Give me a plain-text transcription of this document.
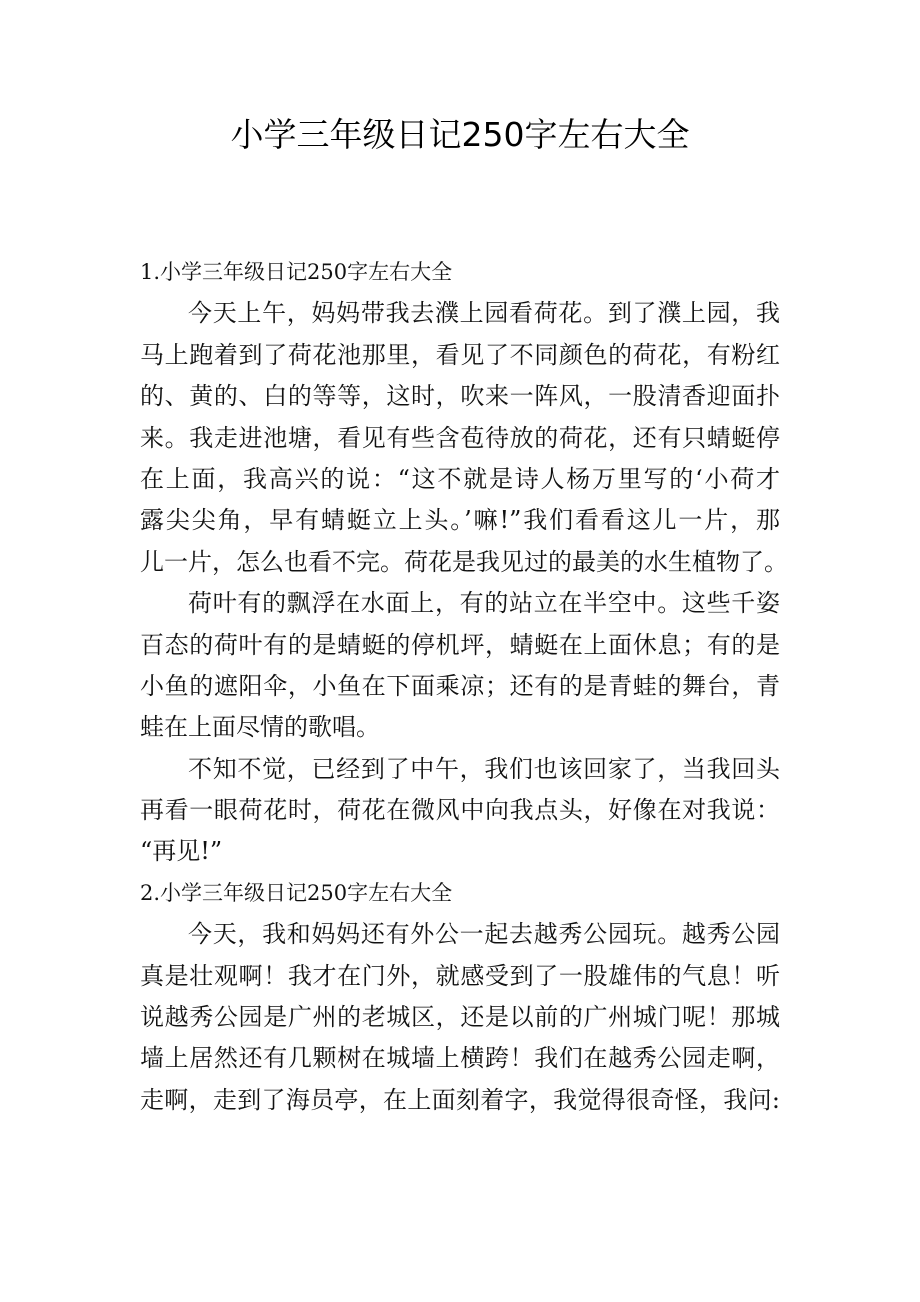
小学三年级日记250字左右大全
1.小学三年级日记250字左右大全
今天上午，妈妈带我去濮上园看荷花。到了濮上园，我
马上跑着到了荷花池那里，看见了不同颜色的荷花，有粉红
的、黄的、白的等等，这时，吹来一阵风，一股清香迎面扑
来。我走进池塘，看见有些含苞待放的荷花，还有只蜻蜓停
在上面，我高兴的说：“这不就是诗人杨万里写的‘小荷才
露尖尖角，早有蜻蜓立上头。’嘛!”我们看看这儿一片，那
儿一片，怎么也看不完。荷花是我见过的最美的水生植物了。
荷叶有的飘浮在水面上，有的站立在半空中。这些千姿
百态的荷叶有的是蜻蜓的停机坪，蜻蜓在上面休息；有的是
小鱼的遮阳伞，小鱼在下面乘凉；还有的是青蛙的舞台，青
蛙在上面尽情的歌唱。
不知不觉，已经到了中午，我们也该回家了，当我回头
再看一眼荷花时，荷花在微风中向我点头，好像在对我说：
“再见!”
2.小学三年级日记250字左右大全
今天，我和妈妈还有外公一起去越秀公园玩。越秀公园
真是壮观啊！我才在门外，就感受到了一股雄伟的气息！听
说越秀公园是广州的老城区，还是以前的广州城门呢！那城
墙上居然还有几颗树在城墙上横跨！我们在越秀公园走啊，
走啊，走到了海员亭，在上面刻着字，我觉得很奇怪，我问:
